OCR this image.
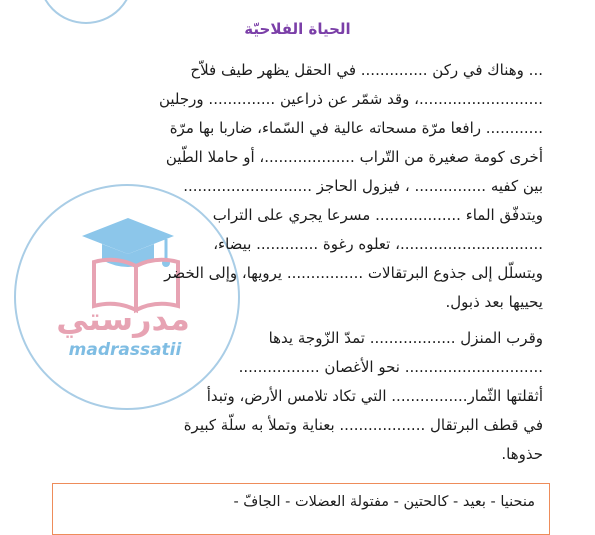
مدرستي
madrassatii
الحياة الفلاحيّة
... وهناك في ركن .............. في الحقل يظهر طيف فلاّح
..........................، وقد شمّر عن ذراعين .............. ورجلين
............ رافعا مرّة مسحاته عالية في السّماء، ضاربا بها مرّة
أخرى كومة صغيرة من التّراب ...................، أو حاملا الطّين
بين كفيه ............... ، فيزول الحاجز ...........................
ويتدفّق الماء .................. مسرعا يجري على التراب
..............................، تعلوه رغوة ............. بيضاء،
ويتسلّل إلى جذوع البرتقالات ................ يرويها، وإلى الخضر
يحييها بعد ذبول.
وقرب المنزل .................. تمدّ الزّوجة يدها
............................. نحو الأغصان .................
أثقلتها الثّمار................ التي تكاد تلامس الأرض، وتبدأ
في قطف البرتقال .................. بعناية وتملأ به سلّة كبيرة
حذوها.
منحنيا - بعيد - كالحتين - مفتولة العضلات - الجافّ -
